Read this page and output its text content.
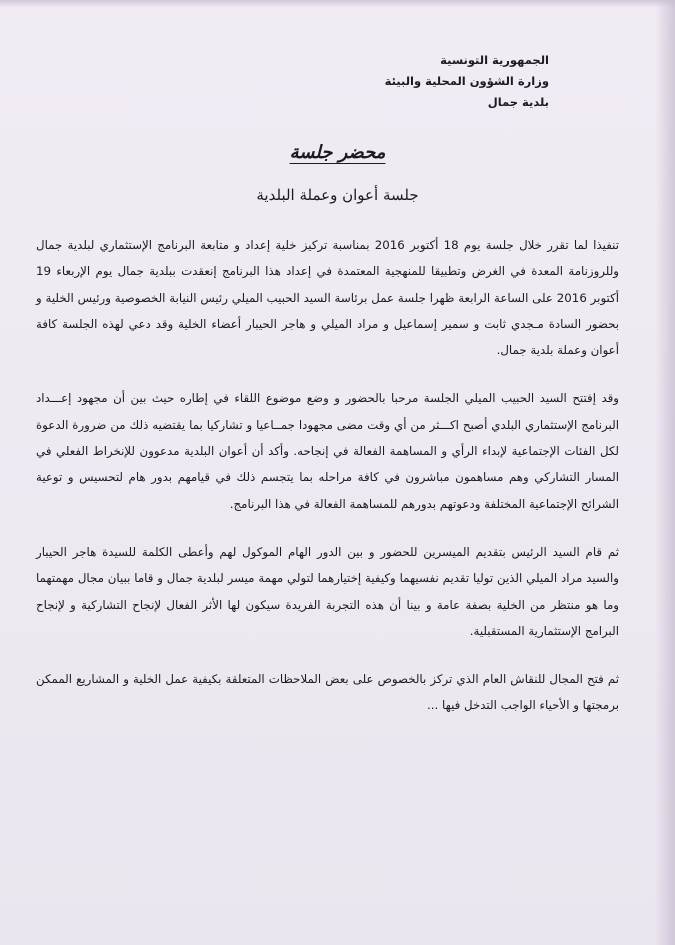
الجمهورية التونسية
وزارة الشؤون المحلية والبيئة
بلدية جمال
محضر جلسة
جلسة أعوان وعملة البلدية

تنفيذا لما تقرر خلال جلسة يوم 18 أكتوبر 2016 بمناسبة تركيز خلية إعداد و متابعة البرنامج الإستثماري لبلدية جمال وللروزنامة المعدة في الغرض وتطبيقا للمنهجية المعتمدة في إعداد هذا البرنامج إنعقدت ببلدية جمال يوم الإربعاء 19 أكتوبر 2016 على الساعة الرابعة ظهرا جلسة عمل برئاسة السيد الحبيب الميلي رئيس النيابة الخصوصية ورئيس الخلية و بحضور السادة مـجدي ثابت و سمير إسماعيل و مراد الميلي و هاجر الحيبار أعضاء الخلية وقد دعي لهذه الجلسة كافة أعوان وعملة بلدية جمال.

وقد إفتتح السيد الحبيب الميلي الجلسة مرحبا بالحضور و وضع موضوع اللقاء في إطاره حيث بين أن مجهود إعـــداد البرنامج الإستثماري البلدي أصبح اكـــثر من أي وقت مضى مجهودا جمــاعيا و تشاركيا بما يقتضيه ذلك من ضرورة الدعوة لكل الفئات الإجتماعية لإبداء الرأي و المساهمة الفعالة في إنجاحه. وأكد أن أعوان البلدية مدعوون للإنخراط الفعلي في المسار التشاركي وهم مساهمون مباشرون في كافة مراحله بما يتجسم ذلك في قيامهم بدور هام لتحسيس و توعية الشرائح الإجتماعية المختلفة ودعوتهم بدورهم للمساهمة الفعالة في هذا البرنامج.

ثم قام السيد الرئيس بتقديم الميسرين للحضور و بين الدور الهام الموكول لهم وأعطى الكلمة للسيدة هاجر الحيبار والسيد مراد الميلي الذين توليا تقديم نفسيهما وكيفية إختيارهما لتولي مهمة ميسر لبلدية جمال و قاما ببيان مجال مهمتهما وما هو منتظر من الخلية بصفة عامة و بينا أن هذه التجربة الفريدة سيكون لها الأثر الفعال لإنجاح التشاركية و لإنجاح البرامج الإستثمارية المستقبلية.

ثم فتح المجال للنقاش العام الذي تركز بالخصوص على بعض الملاحظات المتعلقة بكيفية عمل الخلية و المشاريع الممكن برمجتها و الأحياء الواجب التدخل فيها ...
